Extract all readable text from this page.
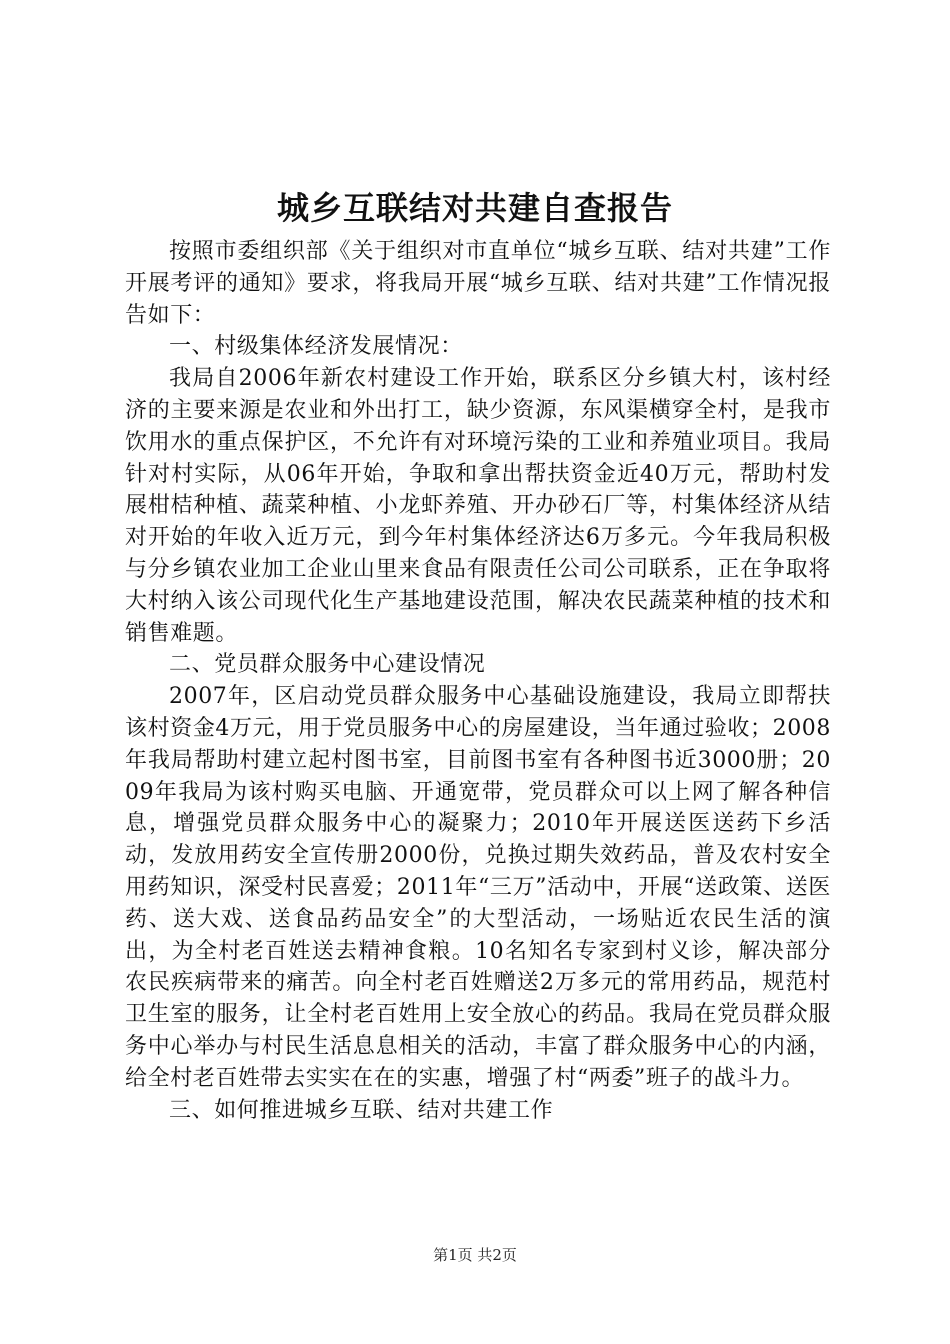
城乡互联结对共建自查报告

按照市委组织部《关于组织对市直单位“城乡互联、结对共建”工作开展考评的通知》要求，将我局开展“城乡互联、结对共建”工作情况报告如下：

一、村级集体经济发展情况：

我局自2006年新农村建设工作开始，联系区分乡镇大村，该村经济的主要来源是农业和外出打工，缺少资源，东风渠横穿全村，是我市饮用水的重点保护区，不允许有对环境污染的工业和养殖业项目。我局针对村实际，从06年开始，争取和拿出帮扶资金近40万元，帮助村发展柑桔种植、蔬菜种植、小龙虾养殖、开办砂石厂等，村集体经济从结对开始的年收入近万元，到今年村集体经济达6万多元。今年我局积极与分乡镇农业加工企业山里来食品有限责任公司公司联系，正在争取将大村纳入该公司现代化生产基地建设范围，解决农民蔬菜种植的技术和销售难题。

二、党员群众服务中心建设情况

2007年，区启动党员群众服务中心基础设施建设，我局立即帮扶该村资金4万元，用于党员服务中心的房屋建设，当年通过验收；2008年我局帮助村建立起村图书室，目前图书室有各种图书近3000册；2009年我局为该村购买电脑、开通宽带，党员群众可以上网了解各种信息，增强党员群众服务中心的凝聚力；2010年开展送医送药下乡活动，发放用药安全宣传册2000份，兑换过期失效药品，普及农村安全用药知识，深受村民喜爱；2011年“三万”活动中，开展“送政策、送医药、送大戏、送食品药品安全”的大型活动，一场贴近农民生活的演出，为全村老百姓送去精神食粮。10名知名专家到村义诊，解决部分农民疾病带来的痛苦。向全村老百姓赠送2万多元的常用药品，规范村卫生室的服务，让全村老百姓用上安全放心的药品。我局在党员群众服务中心举办与村民生活息息相关的活动，丰富了群众服务中心的内涵，给全村老百姓带去实实在在的实惠，增强了村“两委”班子的战斗力。

三、如何推进城乡互联、结对共建工作

第1页 共2页
